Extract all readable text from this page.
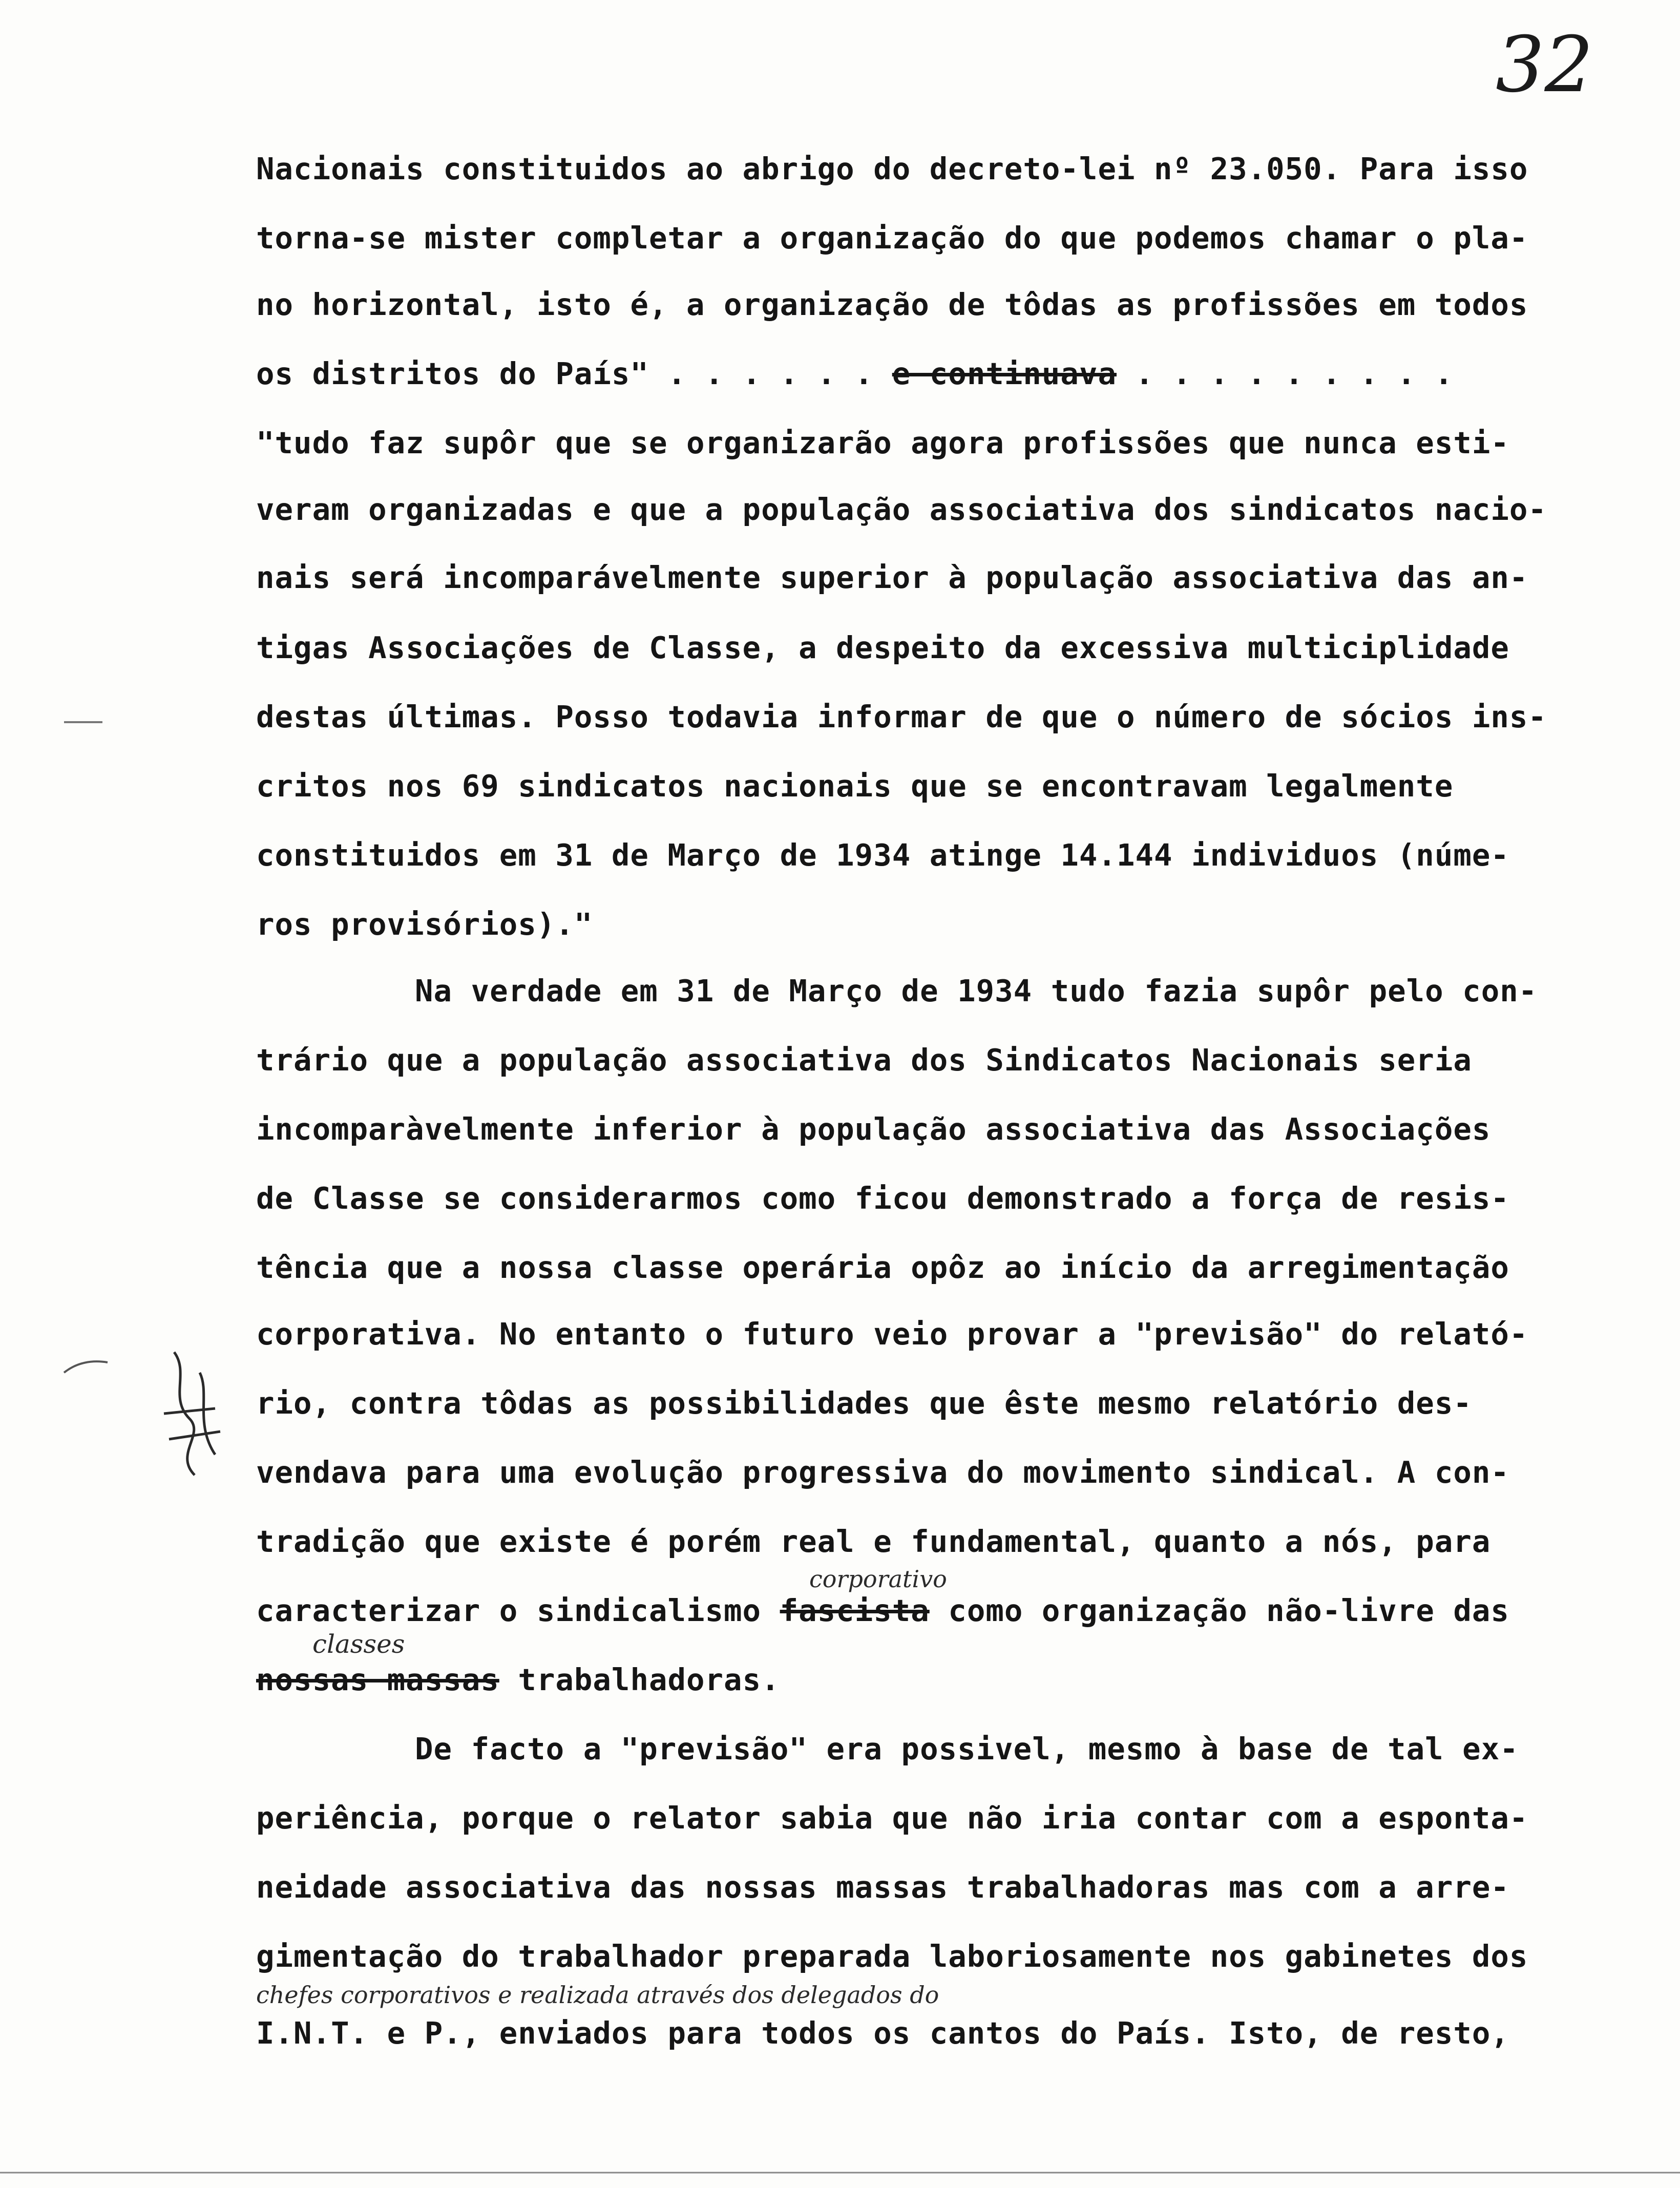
32
Nacionais constituidos ao abrigo do decreto-lei nº 23.050. Para isso
torna-se mister completar a organização do que podemos chamar o pla-
no horizontal, isto é, a organização de tôdas as profissões em todos
os distritos do País" . . . . . . e continuava . . . . . . . . .
"tudo faz supôr que se organizarão agora profissões que nunca esti-
veram organizadas e que a população associativa dos sindicatos nacio-
nais será incomparávelmente superior à população associativa das an-
tigas Associações de Classe, a despeito da excessiva multiciplidade
destas últimas. Posso todavia informar de que o número de sócios ins-
critos nos 69 sindicatos nacionais que se encontravam legalmente
constituidos em 31 de Março de 1934 atinge 14.144 individuos (núme-
ros provisórios)."
Na verdade em 31 de Março de 1934 tudo fazia supôr pelo con-
trário que a população associativa dos Sindicatos Nacionais seria
incomparàvelmente inferior à população associativa das Associações
de Classe se considerarmos como ficou demonstrado a força de resis-
tência que a nossa classe operária opôz ao início da arregimentação
corporativa. No entanto o futuro veio provar a "previsão" do relató-
rio, contra tôdas as possibilidades que êste mesmo relatório des-
vendava para uma evolução progressiva do movimento sindical. A con-
tradição que existe é porém real e fundamental, quanto a nós, para
corporativo
caracterizar o sindicalismo fascista como organização não-livre das
classes
nossas massas trabalhadoras.
De facto a "previsão" era possivel, mesmo à base de tal ex-
periência, porque o relator sabia que não iria contar com a esponta-
neidade associativa das nossas massas trabalhadoras mas com a arre-
gimentação do trabalhador preparada laboriosamente nos gabinetes dos
chefes corporativos e realizada através dos delegados do
I.N.T. e P., enviados para todos os cantos do País. Isto, de resto,
